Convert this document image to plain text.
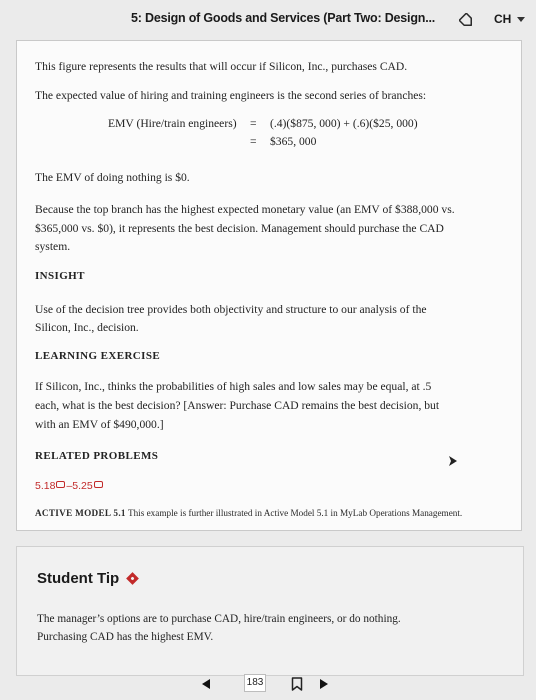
5: Design of Goods and Services (Part Two: Design...	CH
This figure represents the results that will occur if Silicon, Inc., purchases CAD.
The expected value of hiring and training engineers is the second series of branches:
EMV (Hire/train engineers) = (.4)($875, 000) + (.6)($25, 000)
= $365, 000
The EMV of doing nothing is $0.
Because the top branch has the highest expected monetary value (an EMV of $388,000 vs.
$365,000 vs. $0), it represents the best decision. Management should purchase the CAD
system.
INSIGHT
Use of the decision tree provides both objectivity and structure to our analysis of the
Silicon, Inc., decision.
LEARNING EXERCISE
If Silicon, Inc., thinks the probabilities of high sales and low sales may be equal, at .5
each, what is the best decision? [Answer: Purchase CAD remains the best decision, but
with an EMV of $490,000.]
RELATED PROBLEMS
5.18 –5.25
ACTIVE MODEL 5.1 This example is further illustrated in Active Model 5.1 in MyLab Operations Management.
Student Tip
The manager’s options are to purchase CAD, hire/train engineers, or do nothing.
Purchasing CAD has the highest EMV.
183
